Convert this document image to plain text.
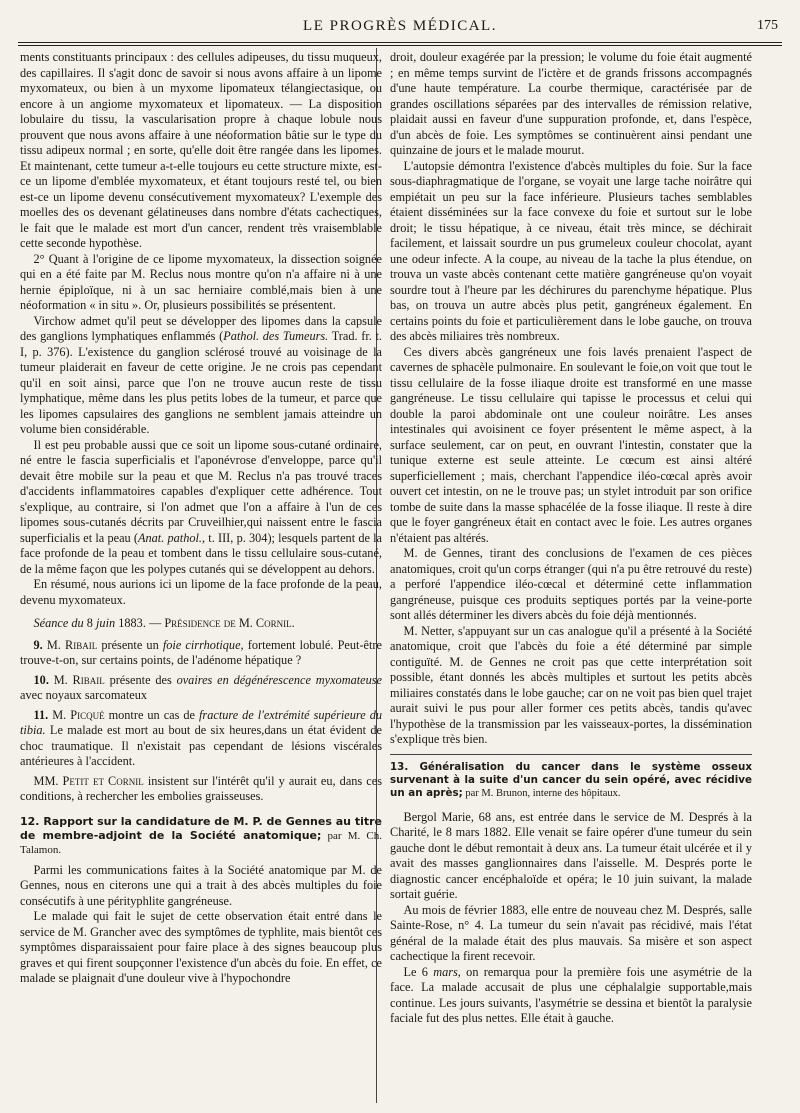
LE PROGRÈS MÉDICAL.	175

ments constituants principaux : des cellules adipeuses, du tissu muqueux, des capillaires. Il s'agit donc de savoir si nous avons affaire à un lipome myxomateux, ou bien à un myxome lipomateux télangiectasique, ou encore à un angiome myxomateux et lipomateux. — La disposition lobulaire du tissu, la vascularisation propre à chaque lobule nous prouvent que nous avons affaire à une néoformation bâtie sur le type du tissu adipeux normal ; en sorte, qu'elle doit être rangée dans les lipomes. Et maintenant, cette tumeur a-t-elle toujours eu cette structure mixte, est-ce un lipome d'emblée myxomateux, et étant toujours resté tel, ou bien est-ce un lipome devenu consécutivement myxomateux? L'exemple des moelles des os devenant gélatineuses dans nombre d'états cachectiques, le fait que le malade est mort d'un cancer, rendent très vraisemblable cette seconde hypothèse.

2° Quant à l'origine de ce lipome myxomateux, la dissection soignée qui en a été faite par M. Reclus nous montre qu'on n'a affaire ni à une hernie épiploïque, ni à un sac herniaire comblé,mais bien à une néoformation « in situ ». Or, plusieurs possibilités se présentent.

Virchow admet qu'il peut se développer des lipomes dans la capsule des ganglions lymphatiques enflammés (Pathol. des Tumeurs. Trad. fr. t. I, p. 376). L'existence du ganglion sclérosé trouvé au voisinage de la tumeur plaiderait en faveur de cette origine. Je ne crois pas cependant qu'il en soit ainsi, parce que l'on ne trouve aucun reste de tissu lymphatique, même dans les plus petits lobes de la tumeur, et parce que les lipomes capsulaires des ganglions ne semblent jamais atteindre un volume bien considérable.

Il est peu probable aussi que ce soit un lipome sous-cutané ordinaire, né entre le fascia superficialis et l'aponévrose d'enveloppe, parce qu'il devait être mobile sur la peau et que M. Reclus n'a pas trouvé traces d'accidents inflammatoires capables d'expliquer cette adhérence. Tout s'explique, au contraire, si l'on admet que l'on a affaire à l'un de ces lipomes sous-cutanés décrits par Cruveilhier,qui naissent entre le fascia superficialis et la peau (Anat. pathol., t. III, p. 304); lesquels partent de la face profonde de la peau et tombent dans le tissu cellulaire sous-cutané, de la même façon que les polypes cutanés qui se développent au dehors.

En résumé, nous aurions ici un lipome de la face profonde de la peau, devenu myxomateux.

Séance du 8 juin 1883. — Présidence de M. Cornil.

9. M. Ribail présente un foie cirrhotique, fortement lobulé. Peut-être trouve-t-on, sur certains points, de l'adénome hépatique ?

10. M. Ribail présente des ovaires en dégénérescence myxomateuse avec noyaux sarcomateux

11. M. Picqué montre un cas de fracture de l'extrémité supérieure du tibia. Le malade est mort au bout de six heures,dans un état évident de choc traumatique. Il n'existait pas cependant de lésions viscérales antérieures à l'accident.

MM. Petit et Cornil insistent sur l'intérêt qu'il y aurait eu, dans ces conditions, à rechercher les embolies graisseuses.

12. Rapport sur la candidature de M. P. de Gennes au titre de membre-adjoint de la Société anatomique; par M. Ch. Talamon.

Parmi les communications faites à la Société anatomique par M. de Gennes, nous en citerons une qui a trait à des abcès multiples du foie consécutifs à une pérityphlite gangréneuse.

Le malade qui fait le sujet de cette observation était entré dans le service de M. Grancher avec des symptômes de typhlite, mais bientôt ces symptômes disparaissaient pour faire place à des signes beaucoup plus graves et qui firent soupçonner l'existence d'un abcès du foie. En effet, ce malade se plaignait d'une douleur vive à l'hypochondre

droit, douleur exagérée par la pression; le volume du foie était augmenté ; en même temps survint de l'ictère et de grands frissons accompagnés d'une haute température. La courbe thermique, caractérisée par de grandes oscillations séparées par des intervalles de rémission relative, plaidait aussi en faveur d'une suppuration profonde, et, dans l'espèce, d'un abcès de foie. Les symptômes se continuèrent ainsi pendant une quinzaine de jours et le malade mourut.

L'autopsie démontra l'existence d'abcès multiples du foie. Sur la face sous-diaphragmatique de l'organe, se voyait une large tache noirâtre qui empiétait un peu sur la face inférieure. Plusieurs taches semblables étaient disséminées sur la face convexe du foie et surtout sur le lobe droit; le tissu hépatique, à ce niveau, était très mince, se déchirait facilement, et laissait sourdre un pus grumeleux couleur chocolat, ayant une odeur infecte. A la coupe, au niveau de la tache la plus étendue, on trouva un vaste abcès contenant cette matière gangréneuse qu'on voyait sourdre tout à l'heure par les déchirures du parenchyme hépatique. Plus bas, on trouva un autre abcès plus petit, gangréneux également. En certains points du foie et particulièrement dans le lobe gauche, on trouva des abcès miliaires très nombreux.

Ces divers abcès gangréneux une fois lavés prenaient l'aspect de cavernes de sphacèle pulmonaire. En soulevant le foie,on voit que tout le tissu cellulaire de la fosse iliaque droite est transformé en une masse gangréneuse. Le tissu cellulaire qui tapisse le processus et celui qui double la paroi abdominale ont une couleur noirâtre. Les anses intestinales qui avoisinent ce foyer présentent le même aspect, à la surface seulement, car on peut, en ouvrant l'intestin, constater que la tunique externe est seule atteinte. Le cœcum est ainsi altéré superficiellement ; mais, cherchant l'appendice iléo-cœcal après avoir ouvert cet intestin, on ne le trouve pas; un stylet introduit par son orifice tombe de suite dans la masse sphacélée de la fosse iliaque. Il reste à dire que le foyer gangréneux était en contact avec le foie. Les autres organes n'étaient pas altérés.

M. de Gennes, tirant des conclusions de l'examen de ces pièces anatomiques, croit qu'un corps étranger (qui n'a pu être retrouvé du reste) a perforé l'appendice iléo-cœcal et déterminé cette inflammation gangréneuse, puisque ces produits septiques portés par la veine-porte sont allés déterminer les divers abcès du foie déjà mentionnés.

M. Netter, s'appuyant sur un cas analogue qu'il a présenté à la Société anatomique, croit que l'abcès du foie a été déterminé par simple contiguïté. M. de Gennes ne croit pas que cette interprétation soit possible, étant donnés les abcès multiples et surtout les petits abcès miliaires constatés dans le lobe gauche; car on ne voit pas bien quel trajet aurait suivi le pus pour aller former ces petits abcès, tandis qu'avec l'hypothèse de la transmission par les vaisseaux-portes, la dissémination s'explique très bien.

13. Généralisation du cancer dans le système osseux survenant à la suite d'un cancer du sein opéré, avec récidive un an après; par M. Brunon, interne des hôpitaux.

Bergol Marie, 68 ans, est entrée dans le service de M. Després à la Charité, le 8 mars 1882. Elle venait se faire opérer d'une tumeur du sein gauche dont le début remontait à deux ans. La tumeur était ulcérée et il y avait des masses ganglionnaires dans l'aisselle. M. Després porte le diagnostic cancer encéphaloïde et opéra; le 10 juin suivant, la malade sortait guérie.

Au mois de février 1883, elle entre de nouveau chez M. Després, salle Sainte-Rose, n° 4. La tumeur du sein n'avait pas récidivé, mais l'état général de la malade était des plus mauvais. Sa misère et son aspect cachectique la firent recevoir.

Le 6 mars, on remarqua pour la première fois une asymétrie de la face. La malade accusait de plus une céphalalgie supportable,mais continue. Les jours suivants, l'asymétrie se dessina et bientôt la paralysie faciale fut des plus nettes. Elle était à gauche.
